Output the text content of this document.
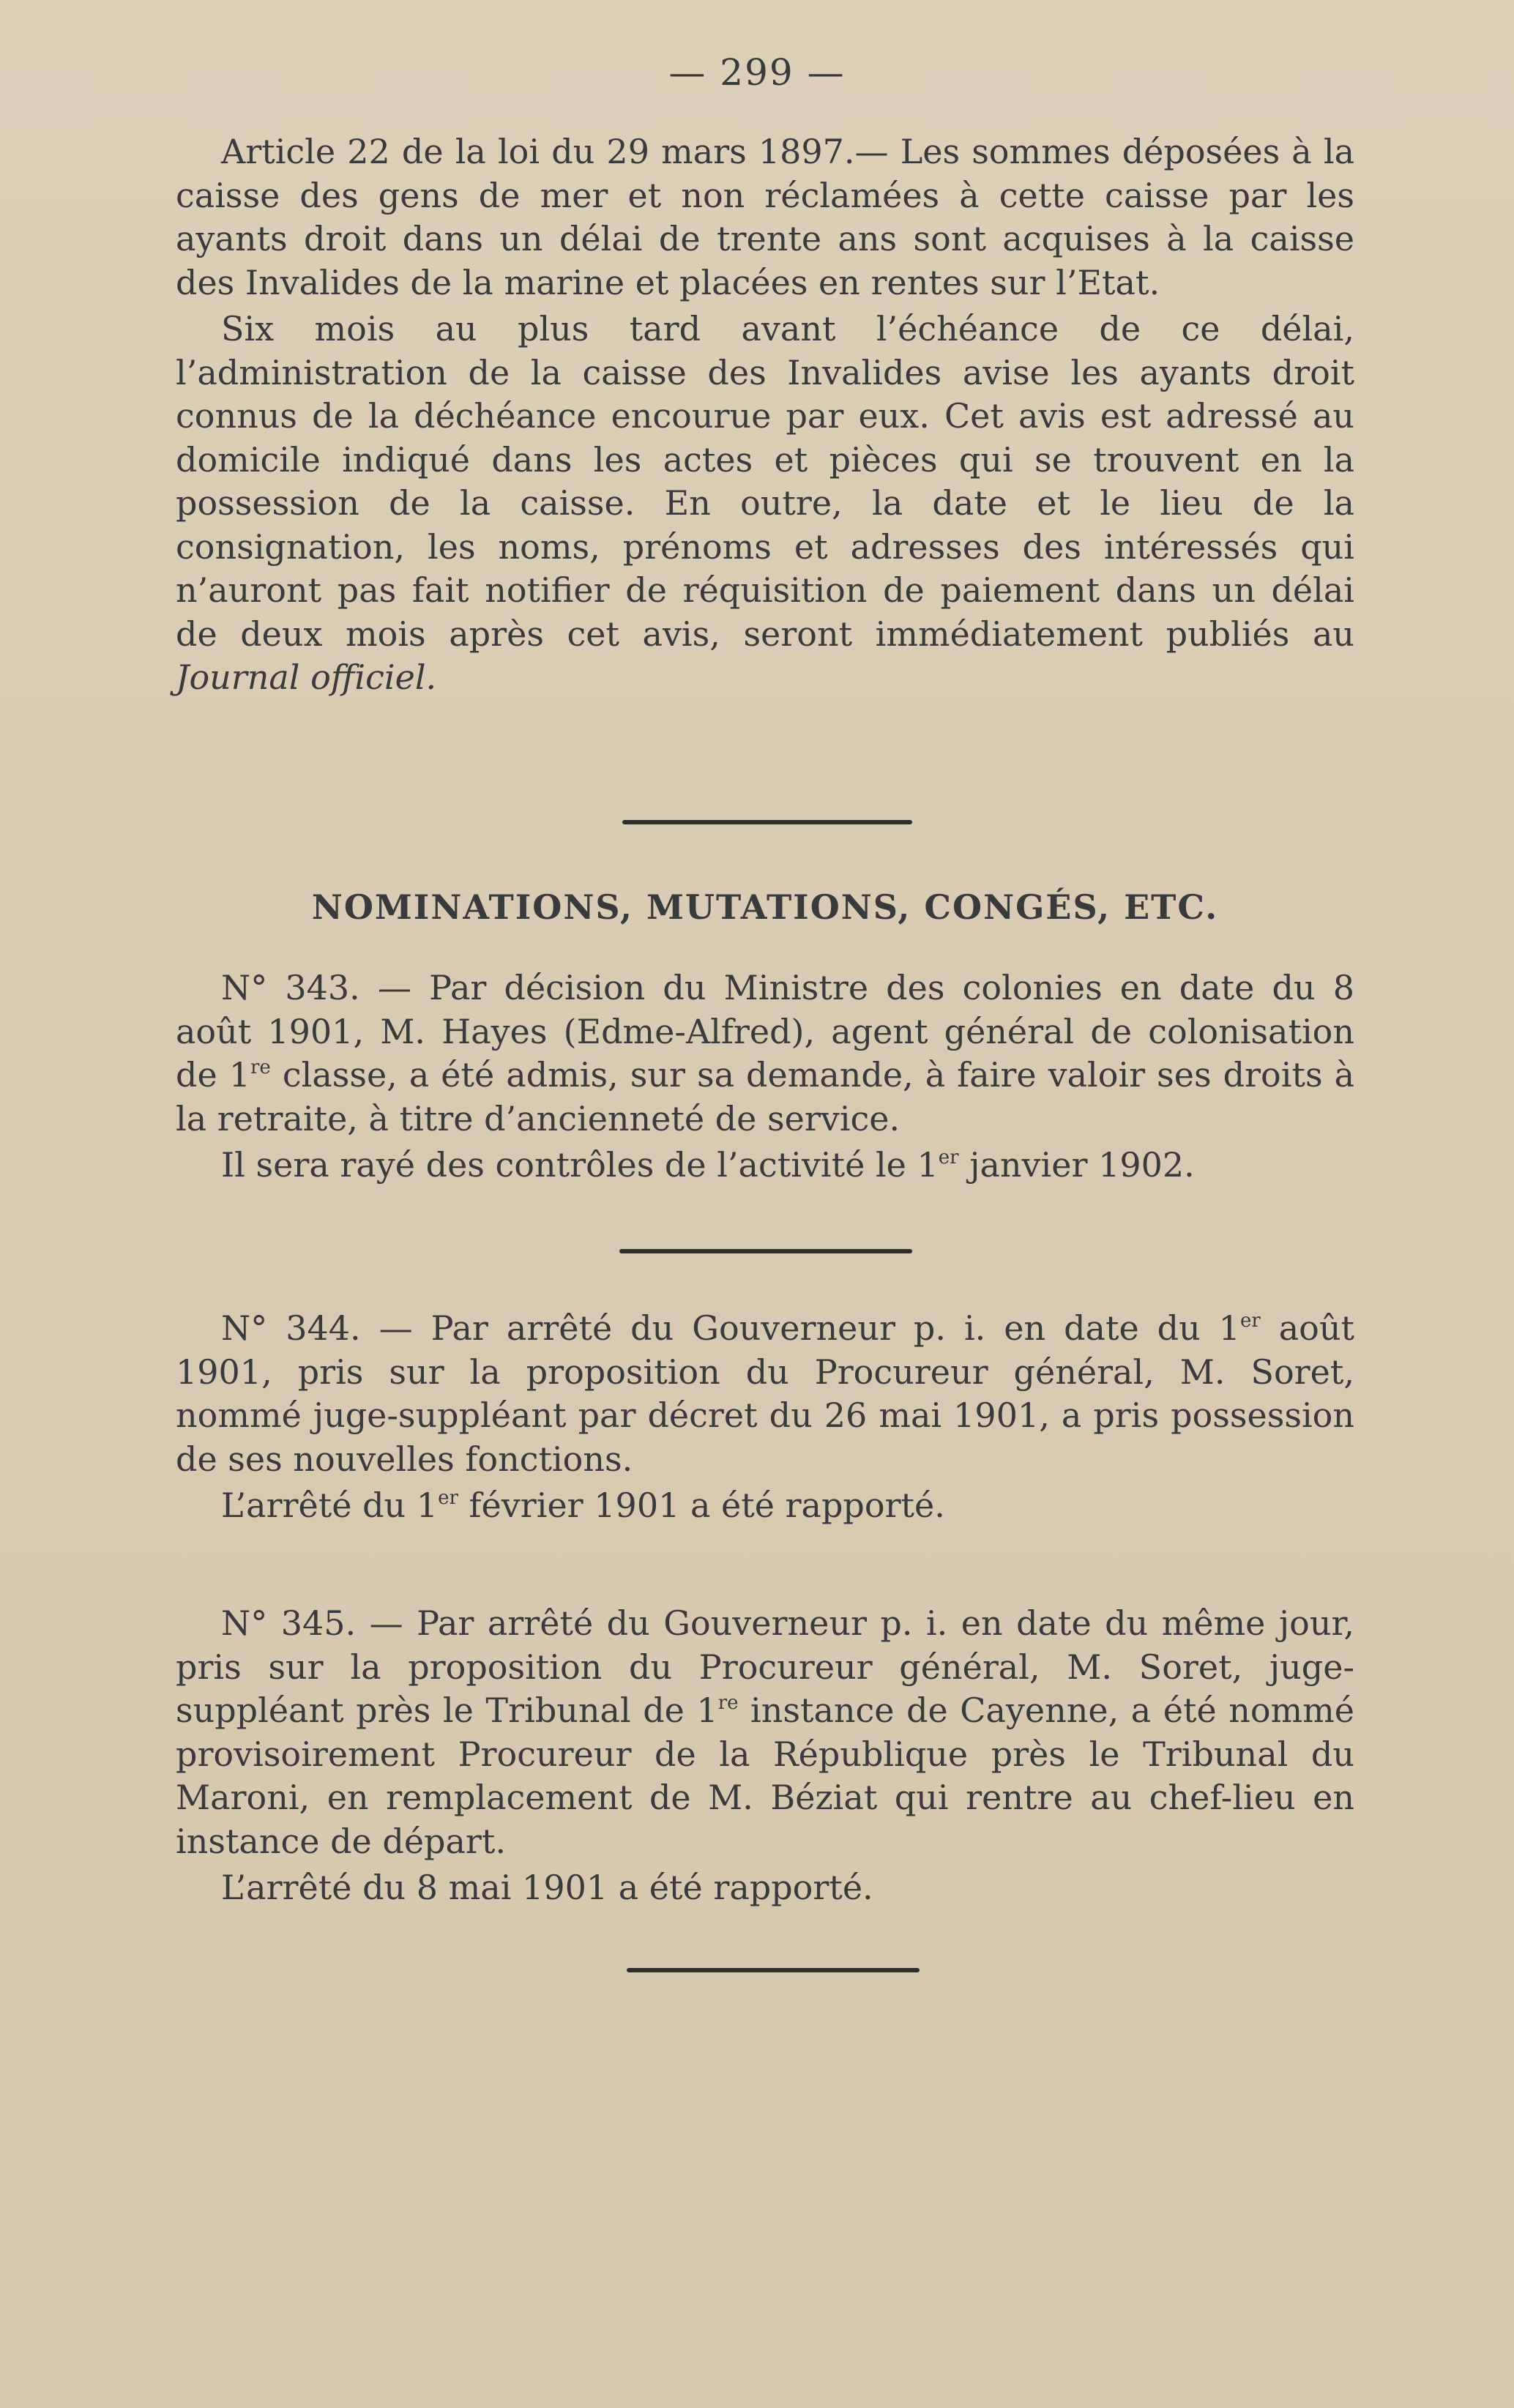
— 299 —

Article 22 de la loi du 29 mars 1897.— Les sommes déposées à la caisse des gens de mer et non réclamées à cette caisse par les ayants droit dans un délai de trente ans sont acquises à la caisse des Invalides de la marine et placées en rentes sur l’Etat.

Six mois au plus tard avant l’échéance de ce délai, l’administration de la caisse des Invalides avise les ayants droit connus de la déchéance encourue par eux. Cet avis est adressé au domicile indiqué dans les actes et pièces qui se trouvent en la possession de la caisse. En outre, la date et le lieu de la consignation, les noms, prénoms et adresses des intéressés qui n’auront pas fait notifier de réquisition de paiement dans un délai de deux mois après cet avis, seront immédiatement publiés au Journal officiel.

NOMINATIONS, MUTATIONS, CONGÉS, ETC.

N° 343. — Par décision du Ministre des colonies en date du 8 août 1901, M. Hayes (Edme-Alfred), agent général de colonisation de 1re classe, a été admis, sur sa demande, à faire valoir ses droits à la retraite, à titre d’ancienneté de service.

Il sera rayé des contrôles de l’activité le 1er janvier 1902.

N° 344. — Par arrêté du Gouverneur p. i. en date du 1er août 1901, pris sur la proposition du Procureur général, M. Soret, nommé juge-suppléant par décret du 26 mai 1901, a pris possession de ses nouvelles fonctions.

L’arrêté du 1er février 1901 a été rapporté.

N° 345. — Par arrêté du Gouverneur p. i. en date du même jour, pris sur la proposition du Procureur général, M. Soret, juge-suppléant près le Tribunal de 1re instance de Cayenne, a été nommé provisoirement Procureur de la République près le Tribunal du Maroni, en remplacement de M. Béziat qui rentre au chef-lieu en instance de départ.

L’arrêté du 8 mai 1901 a été rapporté.
